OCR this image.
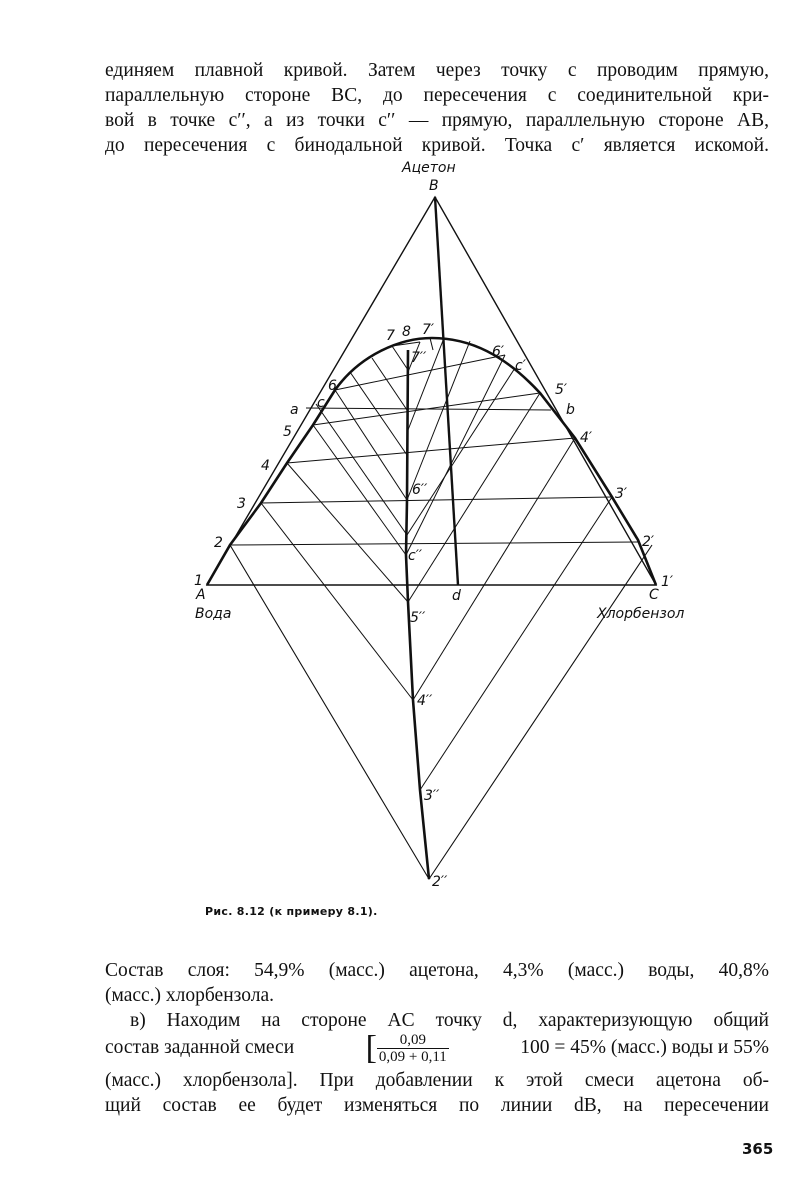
единяем плавной кривой. Затем через точку c проводим прямую,
параллельную стороне BC, до пересечения с соединительной кри-
вой в точке c′′, а из точки c′′ — прямую, параллельную стороне AB,
до пересечения с бинодальной кривой. Точка c′ является искомой.
Ацетон
B
A
Вода
C
Хлорбензол
1
2
3
4
5
a c
6
7 8 7′
6′
c′
5′
b
4′
3′
2′
1′
d
7′′
6′′
c′′
5′′
4′′
3′′
2′′
Рис. 8.12 (к примеру 8.1).
Состав слоя: 54,9% (масс.) ацетона, 4,3% (масс.) воды, 40,8%
(масс.) хлорбензола.
в) Находим на стороне AC точку d, характеризующую общий
состав заданной смеси [ $\frac{0,09}{0,09 + 0,11}$	100 = 45% (масс.) воды и 55%
(масс.) хлорбензола]. При добавлении к этой смеси ацетона об-
щий состав ее будет изменяться по линии dB, на пересечении
365
